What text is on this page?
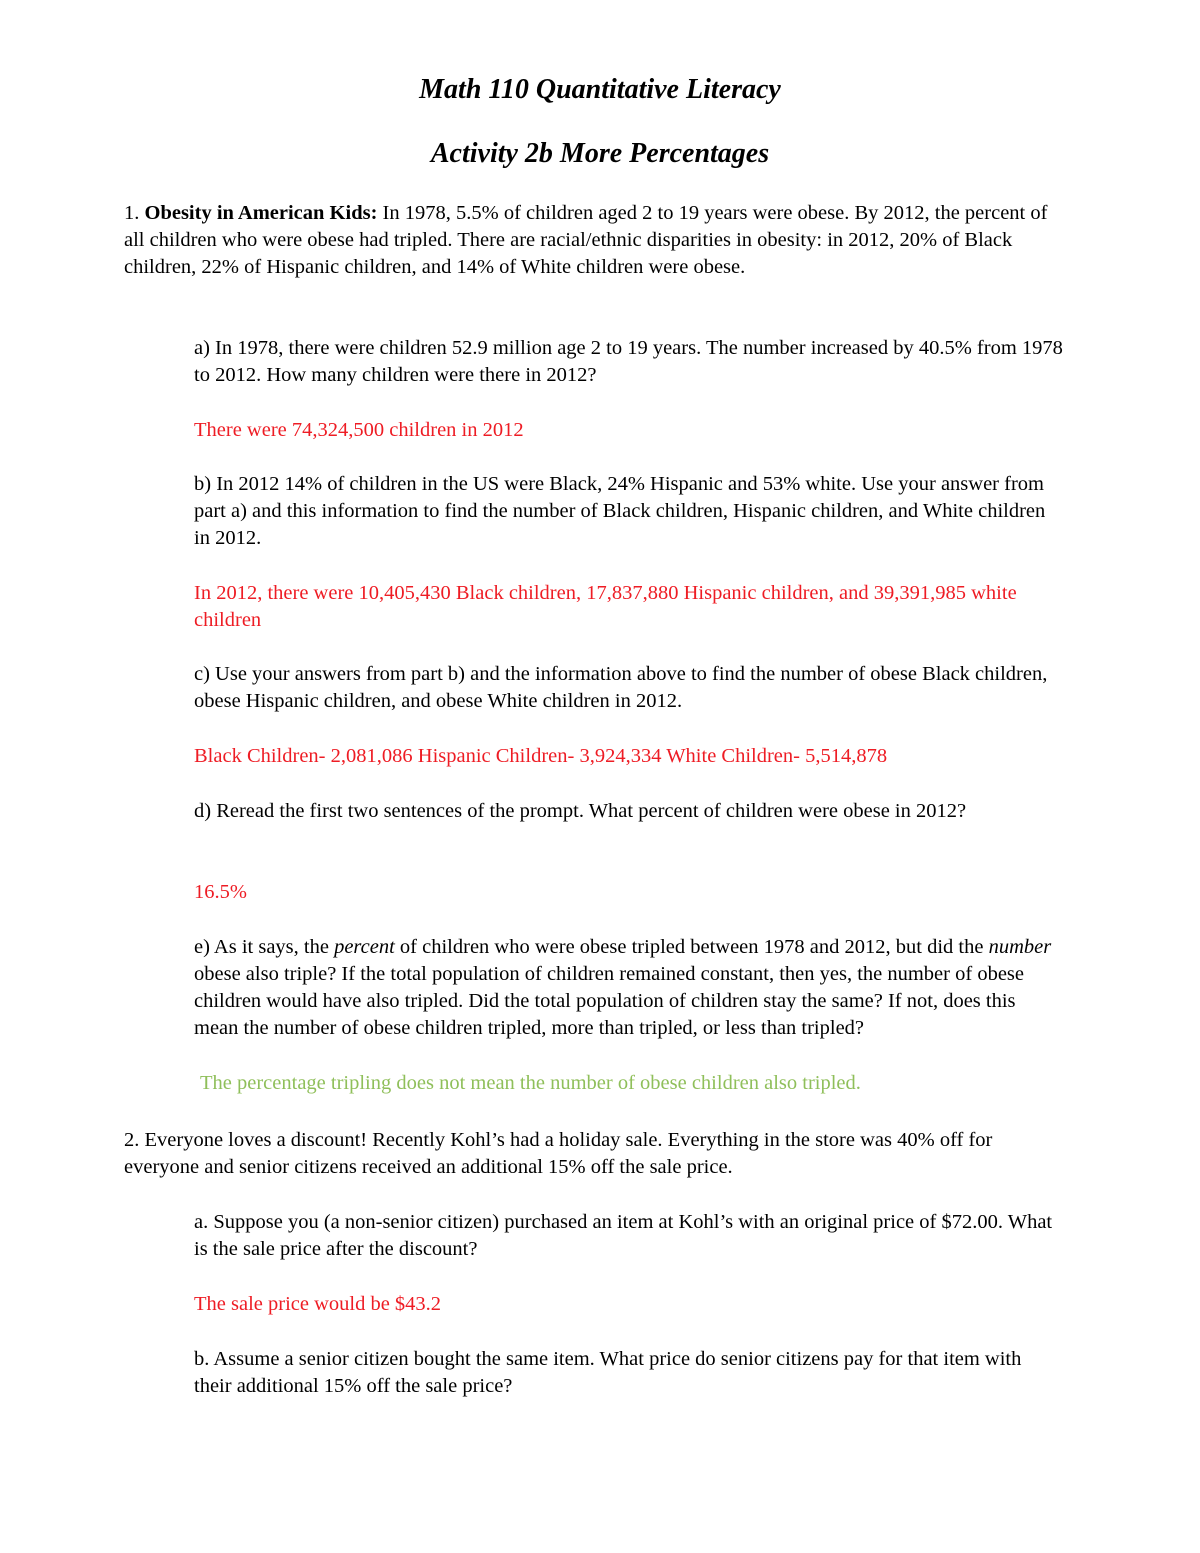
Math 110 Quantitative Literacy
Activity 2b More Percentages

1. Obesity in American Kids: In 1978, 5.5% of children aged 2 to 19 years were obese. By 2012, the percent of all children who were obese had tripled. There are racial/ethnic disparities in obesity: in 2012, 20% of Black children, 22% of Hispanic children, and 14% of White children were obese.

a) In 1978, there were children 52.9 million age 2 to 19 years. The number increased by 40.5% from 1978 to 2012. How many children were there in 2012?

There were 74,324,500 children in 2012

b) In 2012 14% of children in the US were Black, 24% Hispanic and 53% white. Use your answer from part a) and this information to find the number of Black children, Hispanic children, and White children in 2012.

In 2012, there were 10,405,430 Black children, 17,837,880 Hispanic children, and 39,391,985 white children

c) Use your answers from part b) and the information above to find the number of obese Black children, obese Hispanic children, and obese White children in 2012.

Black Children- 2,081,086 Hispanic Children- 3,924,334 White Children- 5,514,878

d) Reread the first two sentences of the prompt. What percent of children were obese in 2012?

16.5%

e) As it says, the percent of children who were obese tripled between 1978 and 2012, but did the number obese also triple? If the total population of children remained constant, then yes, the number of obese children would have also tripled. Did the total population of children stay the same? If not, does this mean the number of obese children tripled, more than tripled, or less than tripled?

The percentage tripling does not mean the number of obese children also tripled.

2. Everyone loves a discount! Recently Kohl’s had a holiday sale. Everything in the store was 40% off for everyone and senior citizens received an additional 15% off the sale price.

a. Suppose you (a non-senior citizen) purchased an item at Kohl’s with an original price of $72.00. What is the sale price after the discount?

The sale price would be $43.2

b. Assume a senior citizen bought the same item. What price do senior citizens pay for that item with their additional 15% off the sale price?
